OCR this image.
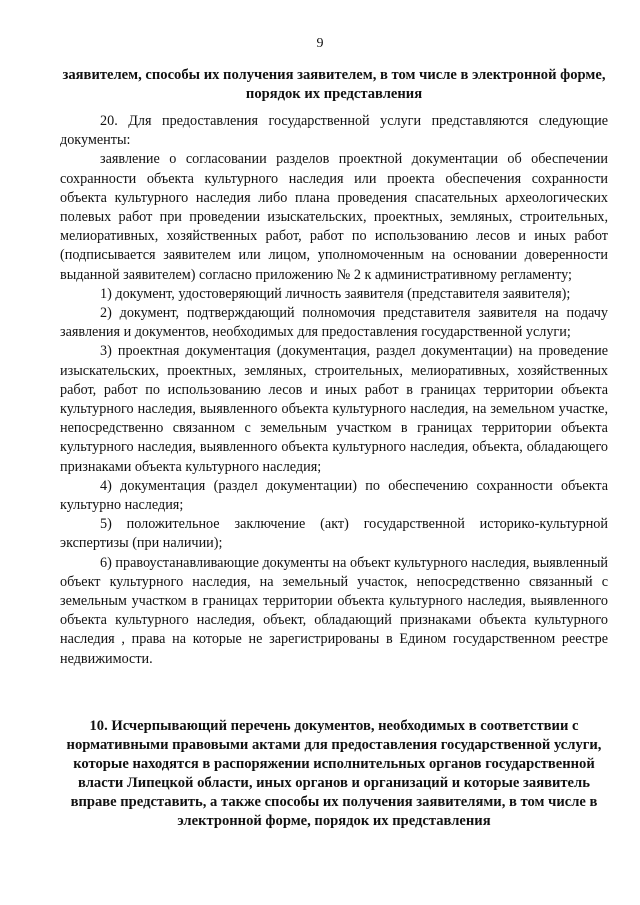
9
заявителем, способы их получения заявителем, в том числе в электронной форме, порядок их представления

20. Для предоставления государственной услуги представляются следующие документы:

заявление о согласовании разделов проектной документации об обеспечении сохранности объекта культурного наследия или проекта обеспечения сохранности объекта культурного наследия либо плана проведения спасательных археологических полевых работ при проведении изыскательских, проектных, земляных, строительных, мелиоративных, хозяйственных работ, работ по использованию лесов и иных работ (подписывается заявителем или лицом, уполномоченным на основании доверенности выданной заявителем) согласно приложению № 2 к административному регламенту;

1) документ, удостоверяющий личность заявителя (представителя заявителя);

2) документ, подтверждающий полномочия представителя заявителя на подачу заявления и документов, необходимых для предоставления государственной услуги;

3) проектная документация (документация, раздел документации) на проведение изыскательских, проектных, земляных, строительных, мелиоративных, хозяйственных работ, работ по использованию лесов и иных работ в границах территории объекта культурного наследия, выявленного объекта культурного наследия, на земельном участке, непосредственно связанном с земельным участком в границах территории объекта культурного наследия, выявленного объекта культурного наследия, объекта, обладающего признаками объекта культурного наследия;

4) документация (раздел документации) по обеспечению сохранности объекта культурно наследия;

5) положительное заключение (акт) государственной историко-культурной экспертизы (при наличии);

6) правоустанавливающие документы на объект культурного наследия, выявленный объект культурного наследия, на земельный участок, непосредственно связанный с земельным участком в границах территории объекта культурного наследия, выявленного объекта культурного наследия, объект, обладающий признаками объекта культурного наследия , права на которые не зарегистрированы в Едином государственном реестре недвижимости.

10. Исчерпывающий перечень документов, необходимых в соответствии с нормативными правовыми актами для предоставления государственной услуги, которые находятся в распоряжении исполнительных органов государственной власти Липецкой области, иных органов и организаций и которые заявитель вправе представить, а также способы их получения заявителями, в том числе в электронной форме, порядок их представления
